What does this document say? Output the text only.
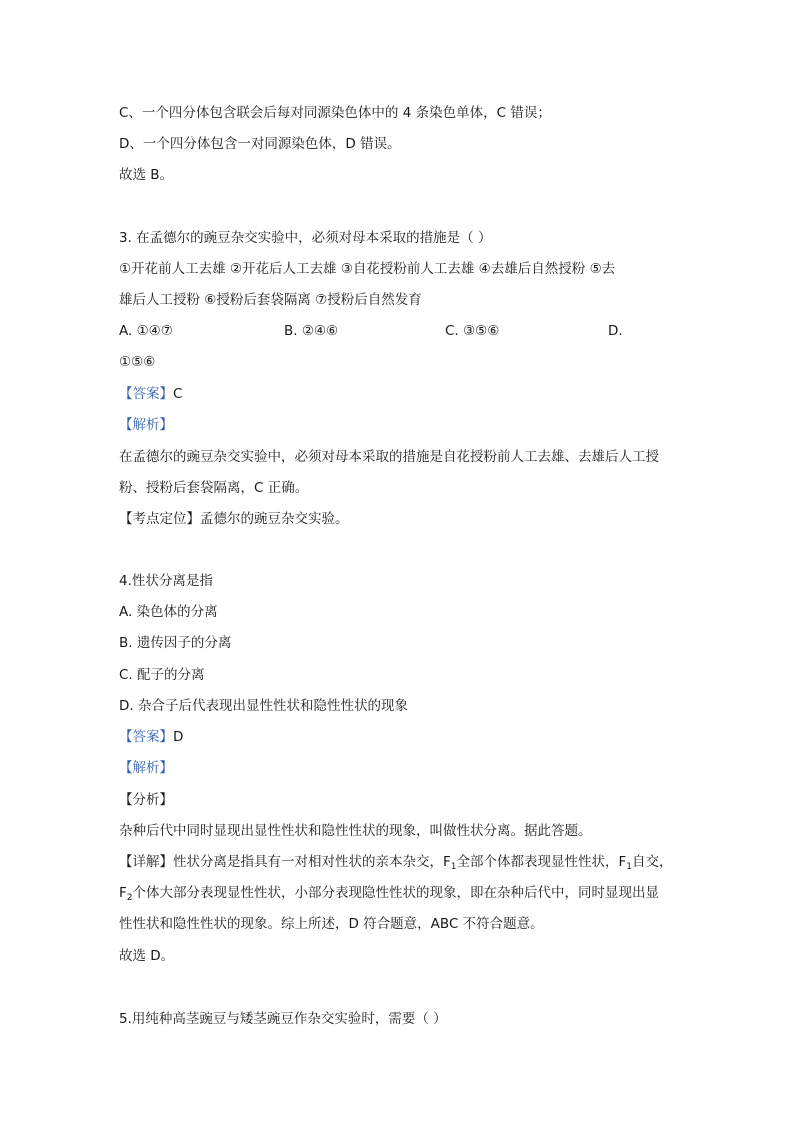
C、一个四分体包含联会后每对同源染色体中的 4 条染色单体，C 错误；
D、一个四分体包含一对同源染色体，D 错误。
故选 B。
3. 在孟德尔的豌豆杂交实验中，必须对母本采取的措施是（ ）
①开花前人工去雄 ②开花后人工去雄 ③自花授粉前人工去雄 ④去雄后自然授粉 ⑤去
雄后人工授粉 ⑥授粉后套袋隔离 ⑦授粉后自然发育
A. ①④⑦	B. ②④⑥	C. ③⑤⑥	D.
①⑤⑥
【答案】C
【解析】
在孟德尔的豌豆杂交实验中，必须对母本采取的措施是自花授粉前人工去雄、去雄后人工授
粉、授粉后套袋隔离，C 正确。
【考点定位】孟德尔的豌豆杂交实验。
4.性状分离是指
A. 染色体的分离
B. 遗传因子的分离
C. 配子的分离
D. 杂合子后代表现出显性性状和隐性性状的现象
【答案】D
【解析】
【分析】
杂种后代中同时显现出显性性状和隐性性状的现象，叫做性状分离。据此答题。
【详解】性状分离是指具有一对相对性状的亲本杂交，$F_1$全部个体都表现显性性状，$F_1$自交，
$F_2$个体大部分表现显性性状，小部分表现隐性性状的现象，即在杂种后代中，同时显现出显
性性状和隐性性状的现象。综上所述，D 符合题意，ABC 不符合题意。
故选 D。
5.用纯种高茎豌豆与矮茎豌豆作杂交实验时，需要（ ）
